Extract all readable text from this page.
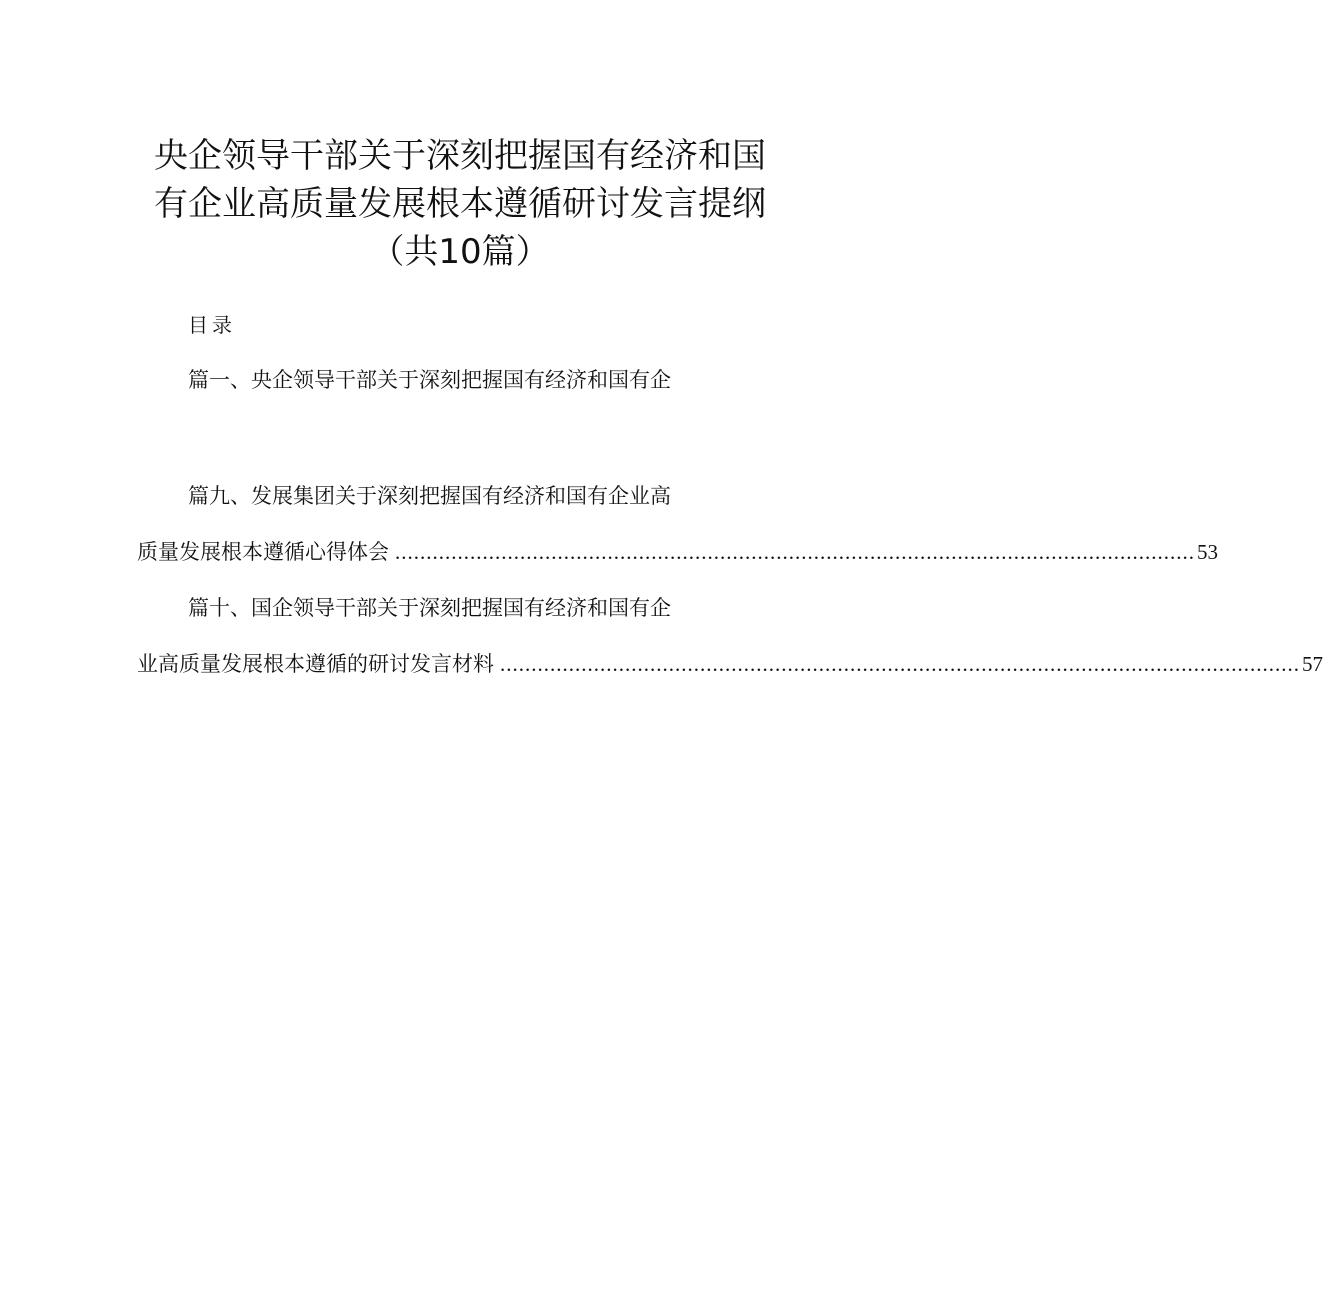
央企领导干部关于深刻把握国有经济和国
有企业高质量发展根本遵循研讨发言提纲
（共10篇）
目录
篇一、央企领导干部关于深刻把握国有经济和国有企
篇九、发展集团关于深刻把握国有经济和国有企业高
质量发展根本遵循心得体会 ................................................................................................................................ 53
篇十、国企领导干部关于深刻把握国有经济和国有企
业高质量发展根本遵循的研讨发言材料 ................................................................................................................................ 57
